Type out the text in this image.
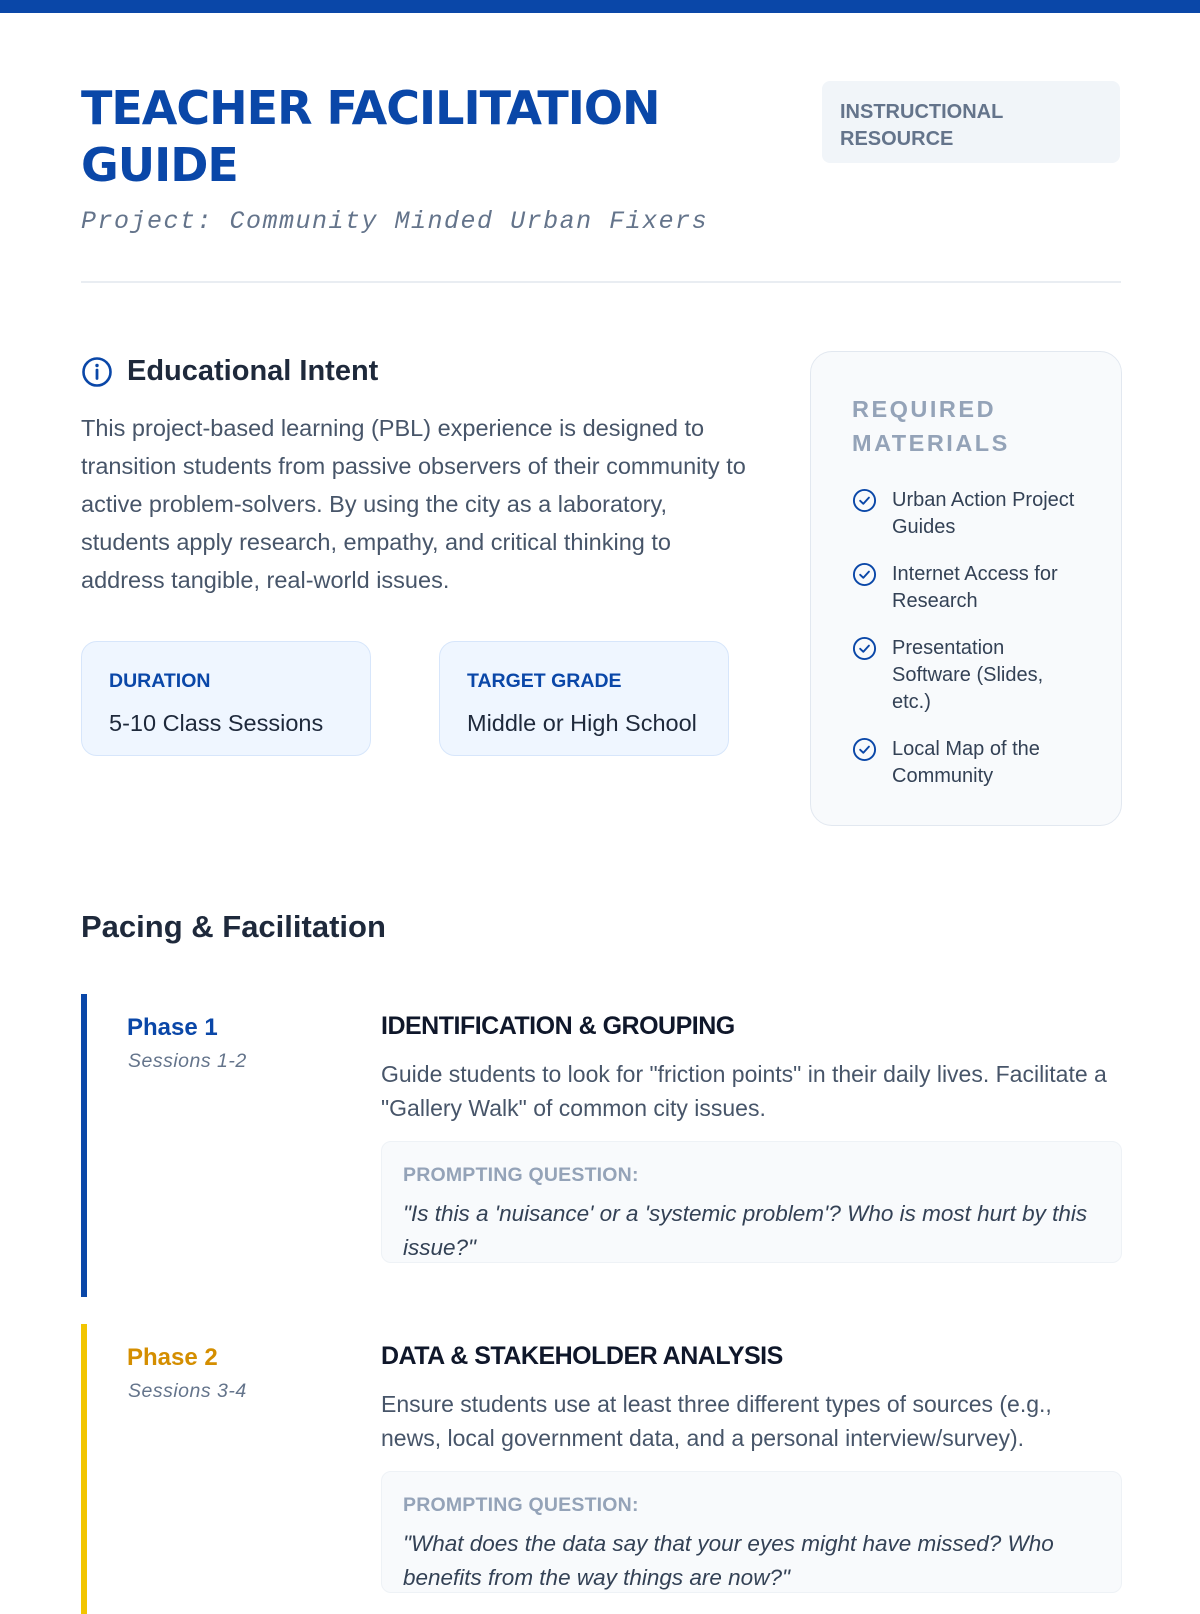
TEACHER FACILITATION GUIDE
Project: Community Minded Urban Fixers
INSTRUCTIONAL RESOURCE
Educational Intent

This project-based learning (PBL) experience is designed to transition students from passive observers of their community to active problem-solvers. By using the city as a laboratory, students apply research, empathy, and critical thinking to address tangible, real-world issues.

DURATION
5-10 Class Sessions
TARGET GRADE
Middle or High School
REQUIRED MATERIALS
Urban Action Project Guides
Internet Access for Research
Presentation Software (Slides, etc.)
Local Map of the Community
Pacing & Facilitation
Phase 1
Sessions 1-2
IDENTIFICATION & GROUPING

Guide students to look for "friction points" in their daily lives. Facilitate a "Gallery Walk" of common city issues.

PROMPTING QUESTION:
"Is this a 'nuisance' or a 'systemic problem'? Who is most hurt by this issue?"
Phase 2
Sessions 3-4
DATA & STAKEHOLDER ANALYSIS

Ensure students use at least three different types of sources (e.g., news, local government data, and a personal interview/survey).

PROMPTING QUESTION:
"What does the data say that your eyes might have missed? Who benefits from the way things are now?"
